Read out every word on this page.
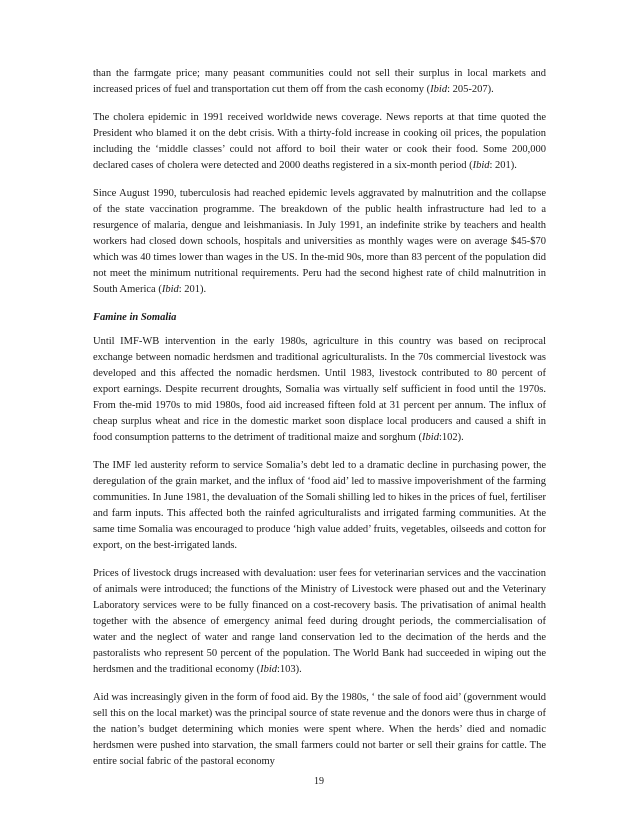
than the farmgate price; many peasant communities could not sell their surplus in local markets and increased prices of fuel and transportation cut them off from the cash economy (Ibid: 205-207).

The cholera epidemic in 1991 received worldwide news coverage. News reports at that time quoted the President who blamed it on the debt crisis. With a thirty-fold increase in cooking oil prices, the population including the ‘middle classes’ could not afford to boil their water or cook their food. Some 200,000 declared cases of cholera were detected and 2000 deaths registered in a six-month period (Ibid: 201).

Since August 1990, tuberculosis had reached epidemic levels aggravated by malnutrition and the collapse of the state vaccination programme. The breakdown of the public health infrastructure had led to a resurgence of malaria, dengue and leishmaniasis. In July 1991, an indefinite strike by teachers and health workers had closed down schools, hospitals and universities as monthly wages were on average $45-$70 which was 40 times lower than wages in the US. In the-mid 90s, more than 83 percent of the population did not meet the minimum nutritional requirements. Peru had the second highest rate of child malnutrition in South America (Ibid: 201).

Famine in Somalia

Until IMF-WB intervention in the early 1980s, agriculture in this country was based on reciprocal exchange between nomadic herdsmen and traditional agriculturalists. In the 70s commercial livestock was developed and this affected the nomadic herdsmen. Until 1983, livestock contributed to 80 percent of export earnings. Despite recurrent droughts, Somalia was virtually self sufficient in food until the 1970s. From the-mid 1970s to mid 1980s, food aid increased fifteen fold at 31 percent per annum. The influx of cheap surplus wheat and rice in the domestic market soon displace local producers and caused a shift in food consumption patterns to the detriment of traditional maize and sorghum (Ibid:102).

The IMF led austerity reform to service Somalia’s debt led to a dramatic decline in purchasing power, the deregulation of the grain market, and the influx of ‘food aid’ led to massive impoverishment of the farming communities. In June 1981, the devaluation of the Somali shilling led to hikes in the prices of fuel, fertiliser and farm inputs. This affected both the rainfed agriculturalists and irrigated farming communities. At the same time Somalia was encouraged to produce ‘high value added’ fruits, vegetables, oilseeds and cotton for export, on the best-irrigated lands.

Prices of livestock drugs increased with devaluation: user fees for veterinarian services and the vaccination of animals were introduced; the functions of the Ministry of Livestock were phased out and the Veterinary Laboratory services were to be fully financed on a cost-recovery basis. The privatisation of animal health together with the absence of emergency animal feed during drought periods, the commercialisation of water and the neglect of water and range land conservation led to the decimation of the herds and the pastoralists who represent 50 percent of the population. The World Bank had succeeded in wiping out the herdsmen and the traditional economy (Ibid:103).

Aid was increasingly given in the form of food aid. By the 1980s, ‘ the sale of food aid’ (government would sell this on the local market) was the principal source of state revenue and the donors were thus in charge of the nation’s budget determining which monies were spent where. When the herds’ died and nomadic herdsmen were pushed into starvation, the small farmers could not barter or sell their grains for cattle. The entire social fabric of the pastoral economy

19
